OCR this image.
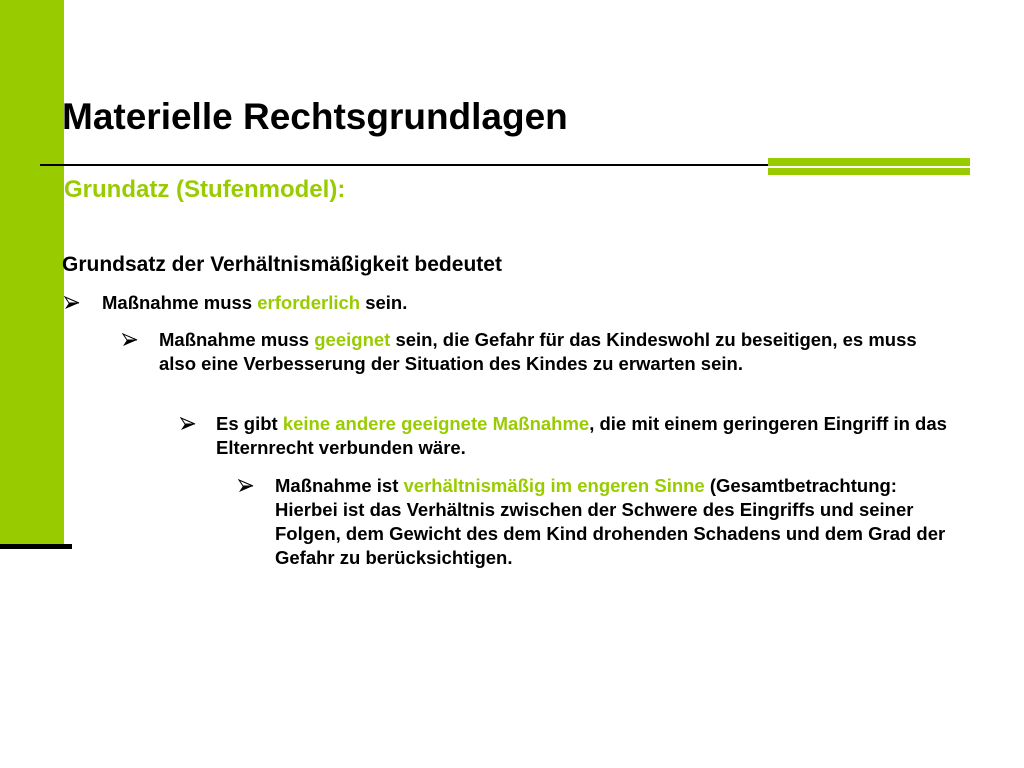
Materielle Rechtsgrundlagen
Grundatz (Stufenmodel):

Grundsatz der Verhältnismäßigkeit bedeutet

Maßnahme muss erforderlich sein.
Maßnahme muss geeignet sein, die Gefahr für das Kindeswohl zu beseitigen, es muss also eine Verbesserung der Situation des Kindes zu erwarten sein.
Es gibt keine andere geeignete Maßnahme, die mit einem geringeren Eingriff in das Elternrecht verbunden wäre.
Maßnahme ist verhältnismäßig im engeren Sinne (Gesamtbetrachtung: Hierbei ist das Verhältnis zwischen der Schwere des Eingriffs und seiner Folgen, dem Gewicht des dem Kind drohenden Schadens und dem Grad der Gefahr zu berücksichtigen.
